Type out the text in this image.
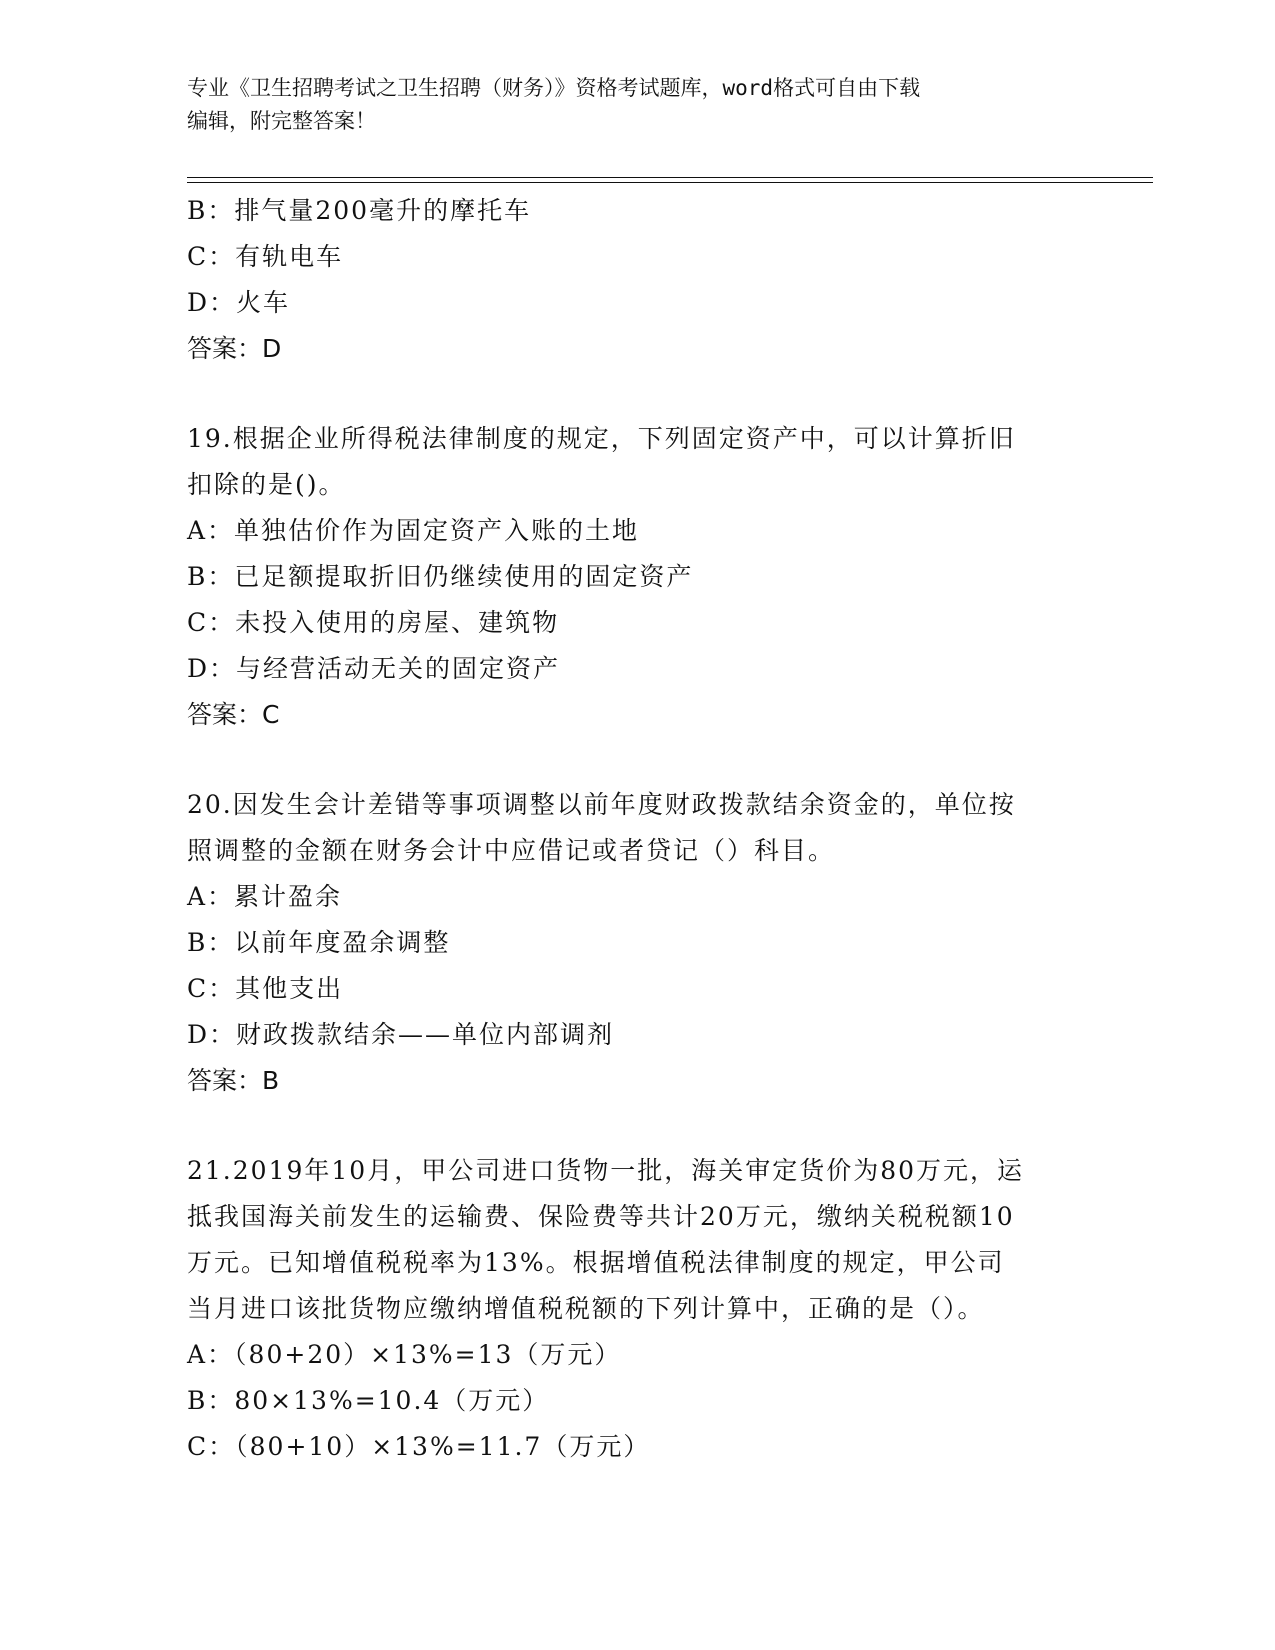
专业《卫生招聘考试之卫生招聘（财务）》资格考试题库，word格式可自由下载
编辑，附完整答案！
B：排气量200毫升的摩托车
C：有轨电车
D：火车
答案：D
19.根据企业所得税法律制度的规定，下列固定资产中，可以计算折旧
扣除的是()。
A：单独估价作为固定资产入账的土地
B：已足额提取折旧仍继续使用的固定资产
C：未投入使用的房屋、建筑物
D：与经营活动无关的固定资产
答案：C
20.因发生会计差错等事项调整以前年度财政拨款结余资金的，单位按
照调整的金额在财务会计中应借记或者贷记（）科目。
A：累计盈余
B：以前年度盈余调整
C：其他支出
D：财政拨款结余——单位内部调剂
答案：B
21.2019年10月，甲公司进口货物一批，海关审定货价为80万元，运
抵我国海关前发生的运输费、保险费等共计20万元，缴纳关税税额10
万元。已知增值税税率为13%。根据增值税法律制度的规定，甲公司
当月进口该批货物应缴纳增值税税额的下列计算中，正确的是（）。
A：（80+20）×13%=13（万元）
B：80×13%=10.4（万元）
C：（80+10）×13%=11.7（万元）
